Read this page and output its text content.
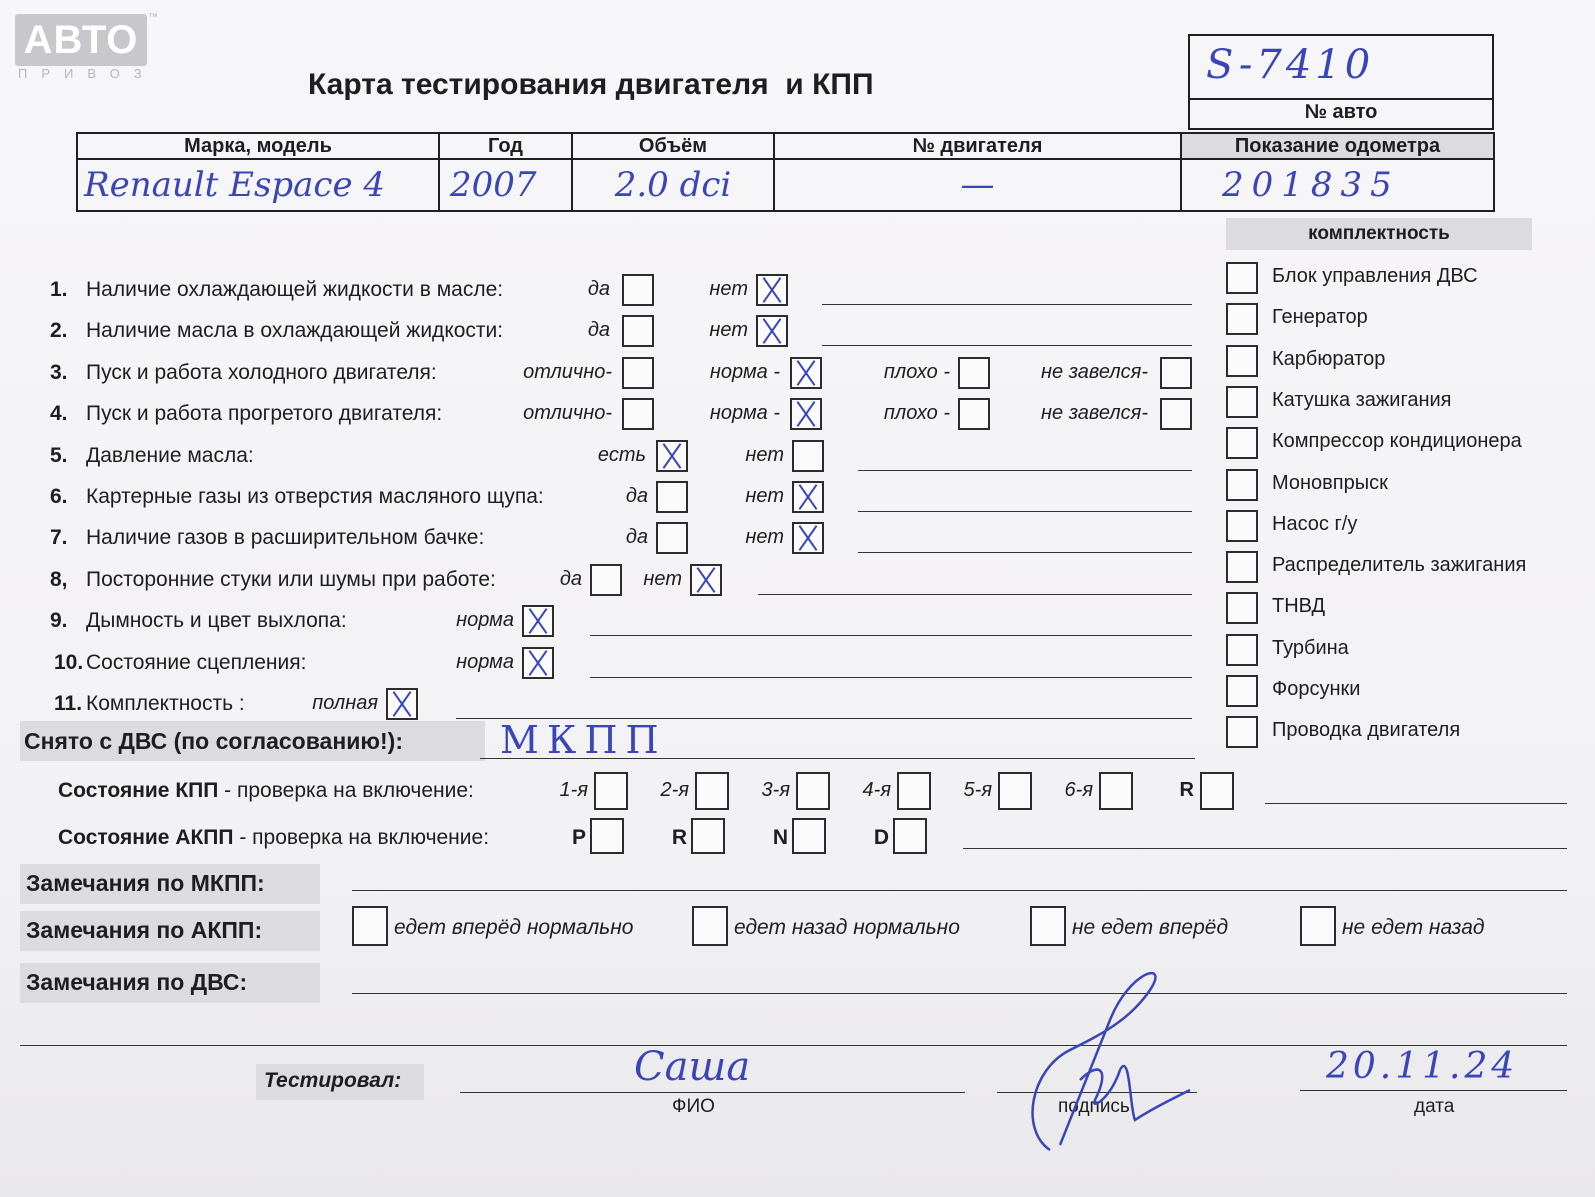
АВТО
™
ПРИВОЗ	Карта тестирования двигателя  и КПП	S-7410
№ авто
Марка, модель	Год	Объём	№ двигателя	Показание одометра
Renault Espace 4	2007	2.0 dci	—	201835
комплектность
Блок управления ДВС
Генератор
Карбюратор
Катушка зажигания
Компрессор кондиционера
Моновпрыск
Насос г/у
Распределитель зажигания
ТНВД
Турбина
Форсунки
Проводка двигателя
1. Наличие охлаждающей жидкости в масле:	да	нет
2. Наличие масла в охлаждающей жидкости:	да	нет
3. Пуск и работа холодного двигателя:	отлично-	норма -	плохо -	не завелся-
4. Пуск и работа прогретого двигателя:	отлично-	норма -	плохо -	не завелся-
5. Давление масла:	есть	нет
6. Картерные газы из отверстия масляного щупа:	да	нет
7. Наличие газов в расширительном бачке:	да	нет
8, Посторонние стуки или шумы при работе:	да	нет
9. Дымность и цвет выхлопа:	норма
10. Состояние сцепления:	норма
11. Комплектность :	полная
Снято с ДВС (по согласованию!):	МКПП
Состояние КПП - проверка на включение:	1-я	2-я	3-я	4-я	5-я	6-я	R
Состояние АКПП - проверка на включение:	P	R	N	D
Замечания по МКПП:
Замечания по АКПП:	едет вперёд нормально	едет назад нормально	не едет вперёд	не едет назад
Замечания по ДВС:
Тестировал:	Саша
ФИО	подпись
20.11.24
дата
